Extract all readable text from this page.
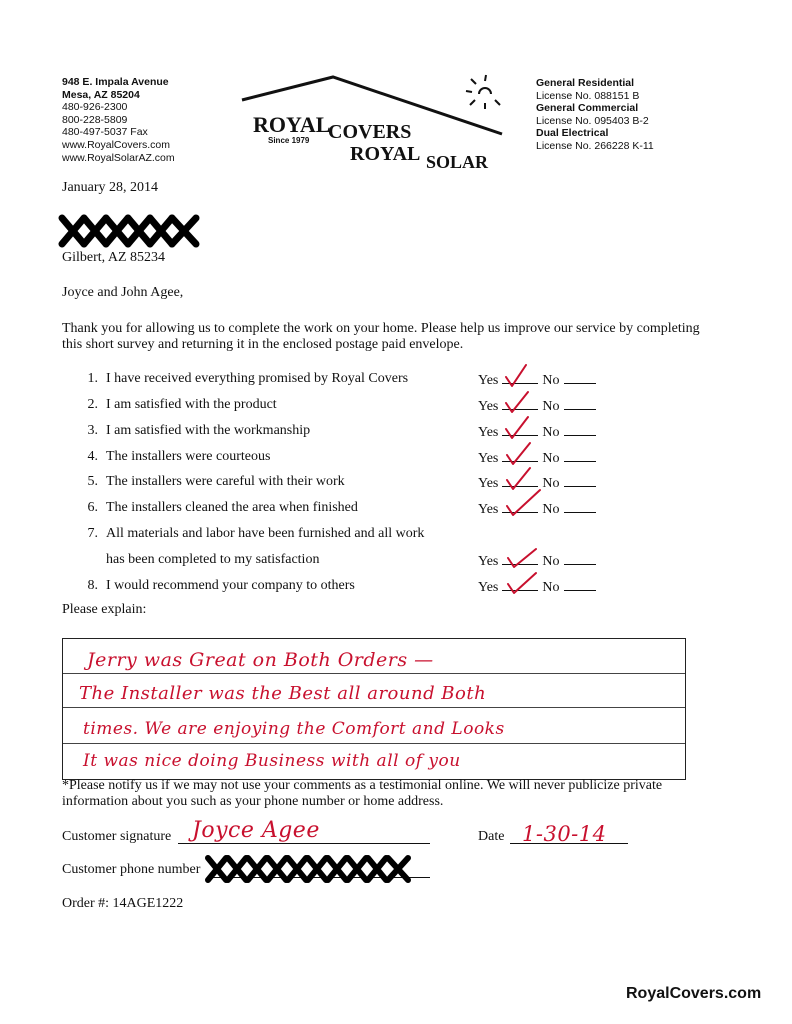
948 E. Impala Avenue
Mesa, AZ 85204
480-926-2300
800-228-5809
480-497-5037 Fax
www.RoyalCovers.com
www.RoyalSolarAZ.com
ROYAL
COVERS
Since 1979
ROYAL SOLAR
General Residential
License No. 088151 B
General Commercial
License No. 095403 B-2
Dual Electrical
License No. 266228 K-11
January 28, 2014
Gilbert, AZ 85234
Joyce and John Agee,
Thank you for allowing us to complete the work on your home. Please help us improve our service by completing this short survey and returning it in the enclosed postage paid envelope.
1. I have received everything promised by Royal Covers	Yes	No
2. I am satisfied with the product	Yes	No
3. I am satisfied with the workmanship	Yes	No
4. The installers were courteous	Yes	No
5. The installers were careful with their work	Yes	No
6. The installers cleaned the area when finished	Yes	No
7. All materials and labor have been furnished and all work
has been completed to my satisfaction	Yes	No
8. I would recommend your company to others	Yes	No
Please explain:
Jerry was Great on Both Orders —
The Installer was the Best all around Both
times. We are enjoying the Comfort and Looks
It was nice doing Business with all of you
*Please notify us if we may not use your comments as a testimonial online. We will never publicize private information about you such as your phone number or home address.
Customer signature Joyce Agee	Date 1-30-14
Customer phone number
Order #: 14AGE1222
RoyalCovers.com
